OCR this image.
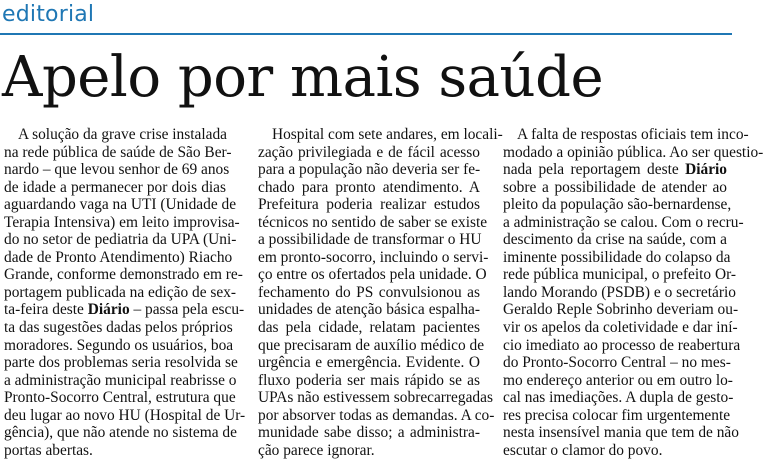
editorial
Apelo por mais saúde
A solução da grave crise instalada
na rede pública de saúde de São Ber-
nardo – que levou senhor de 69 anos
de idade a permanecer por dois dias
aguardando vaga na UTI (Unidade de
Terapia Intensiva) em leito improvisa-
do no setor de pediatria da UPA (Uni-
dade de Pronto Atendimento) Riacho
Grande, conforme demonstrado em re-
portagem publicada na edição de sex-
ta-feira deste Diário – passa pela escu-
ta das sugestões dadas pelos próprios
moradores. Segundo os usuários, boa
parte dos problemas seria resolvida se
a administração municipal reabrisse o
Pronto-Socorro Central, estrutura que
deu lugar ao novo HU (Hospital de Ur-
gência), que não atende no sistema de
portas abertas.
Hospital com sete andares, em locali-
zação privilegiada e de fácil acesso
para a população não deveria ser fe-
chado para pronto atendimento. A
Prefeitura poderia realizar estudos
técnicos no sentido de saber se existe
a possibilidade de transformar o HU
em pronto-socorro, incluindo o servi-
ço entre os ofertados pela unidade. O
fechamento do PS convulsionou as
unidades de atenção básica espalha-
das pela cidade, relatam pacientes
que precisaram de auxílio médico de
urgência e emergência. Evidente. O
fluxo poderia ser mais rápido se as
UPAs não estivessem sobrecarregadas
por absorver todas as demandas. A co-
munidade sabe disso; a administra-
ção parece ignorar.
A falta de respostas oficiais tem inco-
modado a opinião pública. Ao ser questio-
nada pela reportagem deste Diário
sobre a possibilidade de atender ao
pleito da população são-bernardense,
a administração se calou. Com o recru-
descimento da crise na saúde, com a
iminente possibilidade do colapso da
rede pública municipal, o prefeito Or-
lando Morando (PSDB) e o secretário
Geraldo Reple Sobrinho deveriam ou-
vir os apelos da coletividade e dar iní-
cio imediato ao processo de reabertura
do Pronto-Socorro Central – no mes-
mo endereço anterior ou em outro lo-
cal nas imediações. A dupla de gesto-
res precisa colocar fim urgentemente
nesta insensível mania que tem de não
escutar o clamor do povo.
